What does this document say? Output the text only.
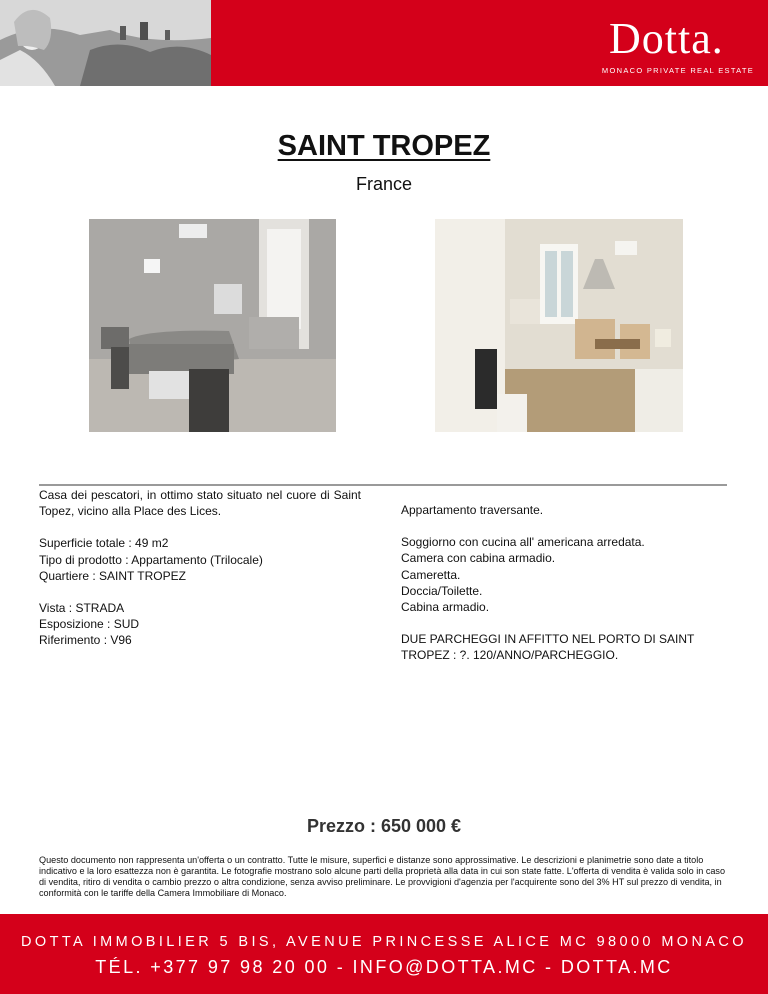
Dotta.
MONACO PRIVATE REAL ESTATE
SAINT TROPEZ
France
Casa dei pescatori, in ottimo stato situato nel cuore di Saint Topez, vicino alla Place des Lices.
Superficie totale : 49 m2
Tipo di prodotto : Appartamento (Trilocale)
Quartiere : SAINT TROPEZ
Vista : STRADA
Esposizione : SUD
Riferimento : V96
Appartamento traversante.
Soggiorno con cucina all' americana arredata.
Camera con cabina armadio.
Cameretta.
Doccia/Toilette.
Cabina armadio.
DUE PARCHEGGI IN AFFITTO NEL PORTO DI SAINT
TROPEZ : ?. 120/ANNO/PARCHEGGIO.
Prezzo : 650 000 €
Questo documento non rappresenta un'offerta o un contratto. Tutte le misure, superfici e distanze sono approssimative. Le descrizioni e planimetrie sono date a titolo indicativo e la loro esattezza non è garantita. Le fotografie mostrano solo alcune parti della proprietà alla data in cui son state fatte. L'offerta di vendita è valida solo in caso di vendita, ritiro di vendita o cambio prezzo o altra condizione, senza avviso preliminare. Le provvigioni d'agenzia per l'acquirente sono del 3% HT sul prezzo di vendita, in conformità con le tariffe della Camera Immobiliare di Monaco.
DOTTA IMMOBILIER 5 BIS, AVENUE PRINCESSE ALICE MC 98000 MONACO
TÉL. +377 97 98 20 00 - INFO@DOTTA.MC - DOTTA.MC
